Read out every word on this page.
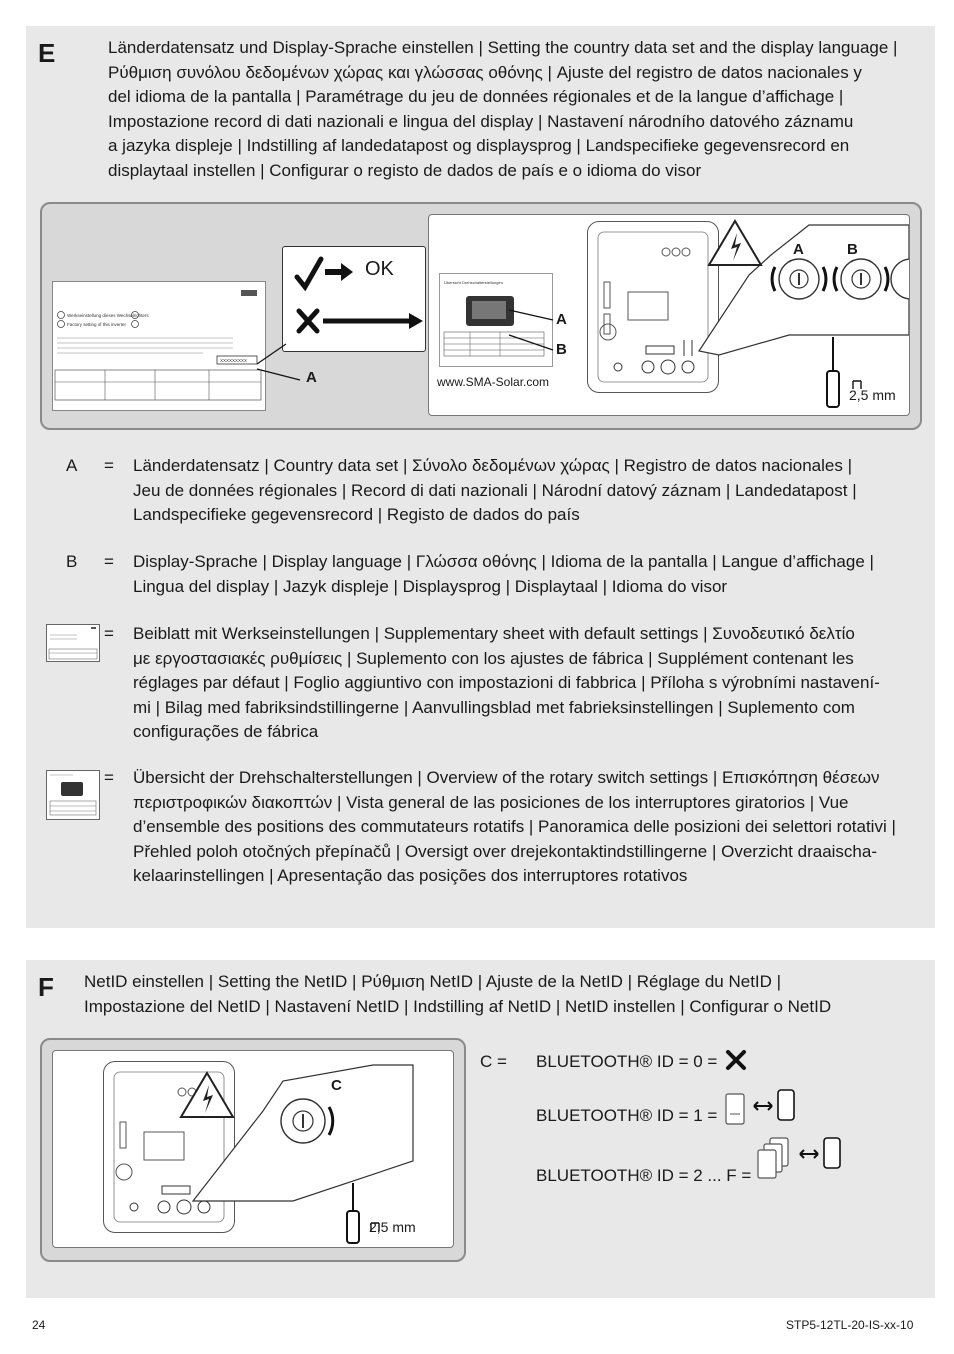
E	Länderdatensatz und Display-Sprache einstellen | Setting the country data set and the display language |
Ρύθμιση συνόλου δεδομένων χώρας και γλώσσας οθόνης | Ajuste del registro de datos nacionales y
del idioma de la pantalla | Paramétrage du jeu de données régionales et de la langue d’affichage |
Impostazione record di dati nazionali e lingua del display | Nastavení národního datového záznamu
a jazyka displeje | Indstilling af landedatapost og displaysprog | Landspecifieke gegevensrecord en
displaytaal instellen | Configurar o registo de dados de país e o idioma do visor
Werkseinstellung dieses Wechselrichters
Factory setting of this inverter
XXXXXXXXX
OK
A
Übersicht Drehschalterstellungen
A
B
www.SMA-Solar.com
A	B
2,5 mm
A = Länderdatensatz | Country data set | Σύνολο δεδομένων χώρας | Registro de datos nacionales |
Jeu de données régionales | Record di dati nazionali | Národní datový záznam | Landedatapost |
Landspecifieke gegevensrecord | Registo de dados do país
B = Display-Sprache | Display language | Γλώσσα οθόνης | Idioma de la pantalla | Langue d’affichage |
Lingua del display | Jazyk displeje | Displaysprog | Displaytaal | Idioma do visor
= Beiblatt mit Werkseinstellungen | Supplementary sheet with default settings | Συνοδευτικό δελτίο
με εργοστασιακές ρυθμίσεις | Suplemento con los ajustes de fábrica | Supplément contenant les
réglages par défaut | Foglio aggiuntivo con impostazioni di fabbrica | Příloha s výrobními nastavení-
mi | Bilag med fabriksindstillingerne | Aanvullingsblad met fabrieksinstellingen | Suplemento com
configurações de fábrica
= Übersicht der Drehschalterstellungen | Overview of the rotary switch settings | Επισκόπηση θέσεων
περιστροφικών διακοπτών | Vista general de las posiciones de los interruptores giratorios | Vue
d’ensemble des positions des commutateurs rotatifs | Panoramica delle posizioni dei selettori rotativi |
Přehled poloh otočných přepínačů | Oversigt over drejekontaktindstillingerne | Overzicht draaischa-
kelaarinstellingen | Apresentação das posições dos interruptores rotativos
F NetID einstellen | Setting the NetID | Ρύθμιση NetID | Ajuste de la NetID | Réglage du NetID |
Impostazione del NetID | Nastavení NetID | Indstilling af NetID | NetID instellen | Configurar o NetID
C
2,5 mm
C = BLUETOOTH® ID = 0 =
BLUETOOTH® ID = 1 =
BLUETOOTH® ID = 2 ... F =
24	STP5-12TL-20-IS-xx-10
